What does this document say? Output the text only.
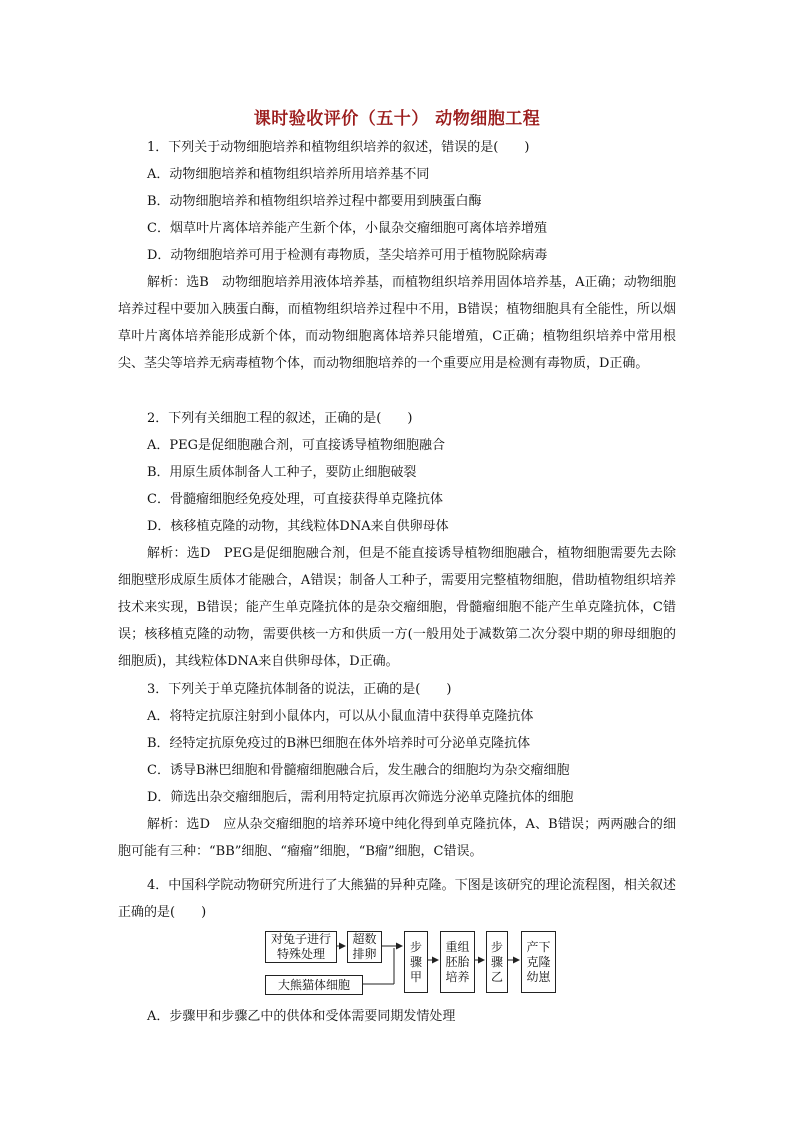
课时验收评价（五十） 动物细胞工程
1．下列关于动物细胞培养和植物组织培养的叙述，错误的是(　　)
A．动物细胞培养和植物组织培养所用培养基不同
B．动物细胞培养和植物组织培养过程中都要用到胰蛋白酶
C．烟草叶片离体培养能产生新个体，小鼠杂交瘤细胞可离体培养增殖
D．动物细胞培养可用于检测有毒物质，茎尖培养可用于植物脱除病毒
解析：选B　动物细胞培养用液体培养基，而植物组织培养用固体培养基，A正确；动物细胞培养过程中要加入胰蛋白酶，而植物组织培养过程中不用，B错误；植物细胞具有全能性，所以烟草叶片离体培养能形成新个体，而动物细胞离体培养只能增殖，C正确；植物组织培养中常用根尖、茎尖等培养无病毒植物个体，而动物细胞培养的一个重要应用是检测有毒物质，D正确。
2．下列有关细胞工程的叙述，正确的是(　　)
A．PEG是促细胞融合剂，可直接诱导植物细胞融合
B．用原生质体制备人工种子，要防止细胞破裂
C．骨髓瘤细胞经免疫处理，可直接获得单克隆抗体
D．核移植克隆的动物，其线粒体DNA来自供卵母体
解析：选D　PEG是促细胞融合剂，但是不能直接诱导植物细胞融合，植物细胞需要先去除细胞壁形成原生质体才能融合，A错误；制备人工种子，需要用完整植物细胞，借助植物组织培养技术来实现，B错误；能产生单克隆抗体的是杂交瘤细胞，骨髓瘤细胞不能产生单克隆抗体，C错误；核移植克隆的动物，需要供核一方和供质一方(一般用处于减数第二次分裂中期的卵母细胞的细胞质)，其线粒体DNA来自供卵母体，D正确。
3．下列关于单克隆抗体制备的说法，正确的是(　　)
A．将特定抗原注射到小鼠体内，可以从小鼠血清中获得单克隆抗体
B．经特定抗原免疫过的B淋巴细胞在体外培养时可分泌单克隆抗体
C．诱导B淋巴细胞和骨髓瘤细胞融合后，发生融合的细胞均为杂交瘤细胞
D．筛选出杂交瘤细胞后，需利用特定抗原再次筛选分泌单克隆抗体的细胞
解析：选D　应从杂交瘤细胞的培养环境中纯化得到单克隆抗体，A、B错误；两两融合的细胞可能有三种：“BB”细胞、“瘤瘤”细胞，“B瘤”细胞，C错误。
4．中国科学院动物研究所进行了大熊猫的异种克隆。下图是该研究的理论流程图，相关叙述正确的是(　　)
对兔子进行
特殊处理
超数
排卵
大熊猫体细胞
步
骤
甲
重组
胚胎
培养
步
骤
乙
产下
克隆
幼崽
A．步骤甲和步骤乙中的供体和受体需要同期发情处理
